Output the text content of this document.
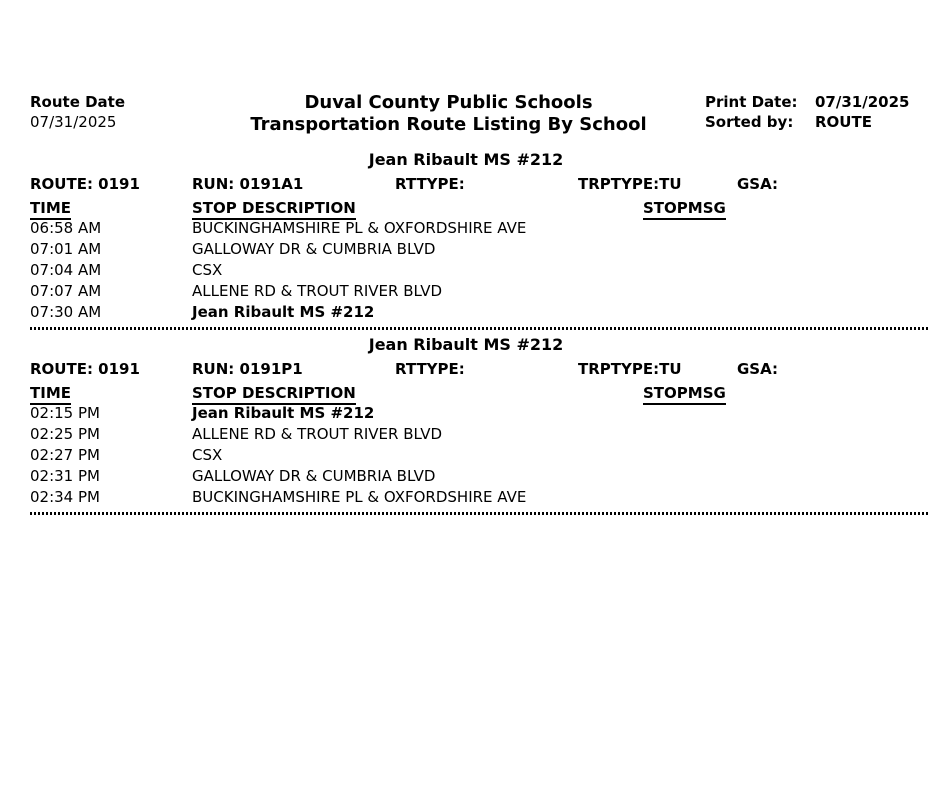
Route Date
07/31/2025
Duval County Public Schools
Transportation Route Listing By School
Print Date: 07/31/2025
Sorted by: ROUTE
Jean Ribault MS #212
ROUTE: 0191	RUN: 0191A1	RTTYPE:	TRPTYPE:TU	GSA:
TIME	STOP DESCRIPTION	STOPMSG
06:58 AM	BUCKINGHAMSHIRE PL & OXFORDSHIRE AVE
07:01 AM	GALLOWAY DR & CUMBRIA BLVD
07:04 AM	CSX
07:07 AM	ALLENE RD & TROUT RIVER BLVD
07:30 AM	Jean Ribault MS #212
Jean Ribault MS #212
ROUTE: 0191	RUN: 0191P1	RTTYPE:	TRPTYPE:TU	GSA:
TIME	STOP DESCRIPTION	STOPMSG
02:15 PM	Jean Ribault MS #212
02:25 PM	ALLENE RD & TROUT RIVER BLVD
02:27 PM	CSX
02:31 PM	GALLOWAY DR & CUMBRIA BLVD
02:34 PM	BUCKINGHAMSHIRE PL & OXFORDSHIRE AVE
